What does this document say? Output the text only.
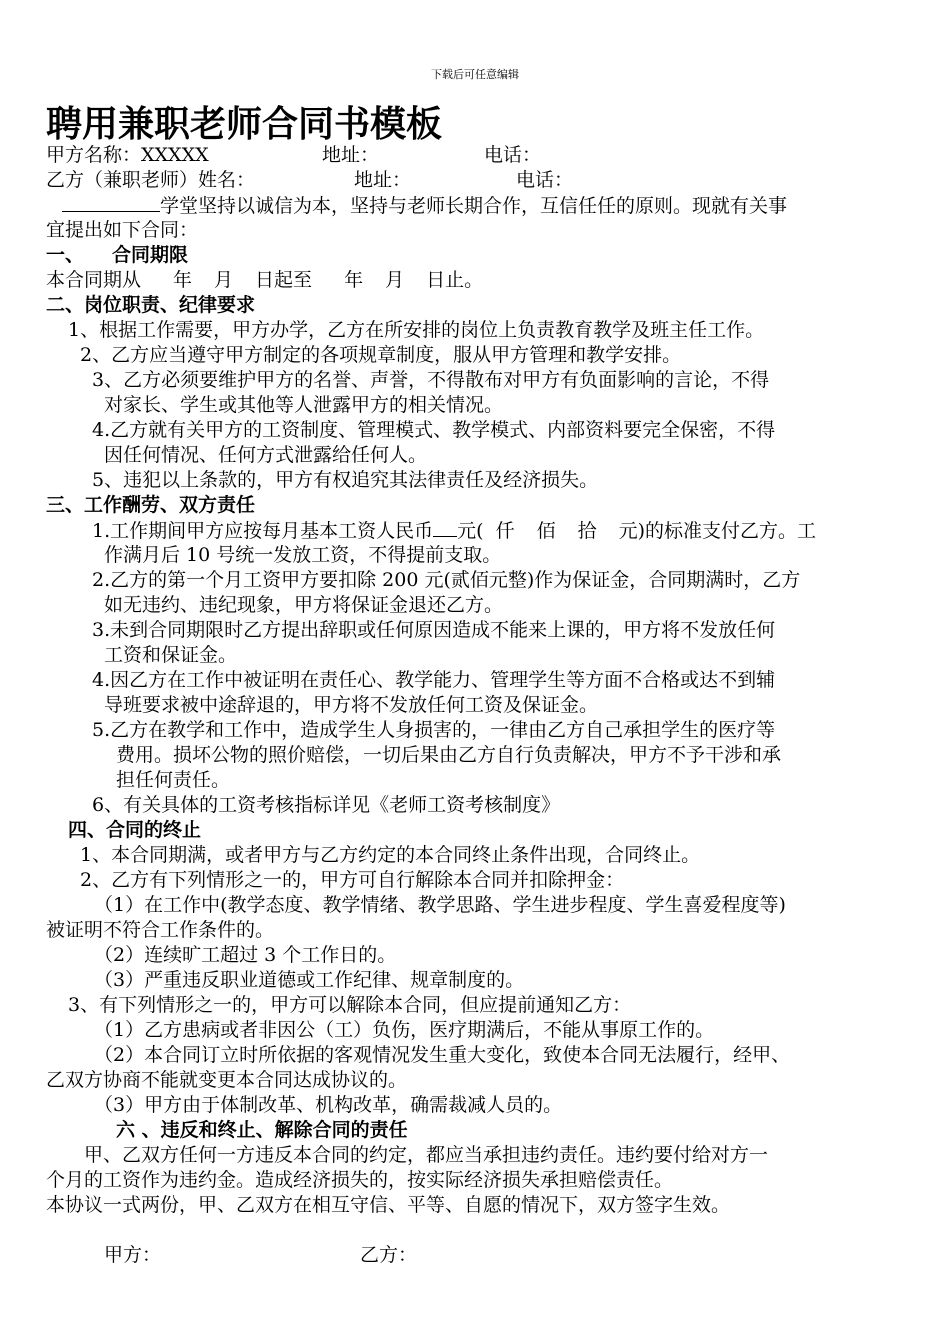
下载后可任意编辑
聘用兼职老师合同书模板
甲方名称：XXXXX	地址：	电话：
乙方（兼职老师）姓名：	地址：	电话：
学堂坚持以诚信为本，坚持与老师长期合作，互信任任的原则。现就有关事
宜提出如下合同：
一、 合同期限
本合同期从 年 月 日起至 年 月 日止。
二、岗位职责、纪律要求
1、根据工作需要，甲方办学，乙方在所安排的岗位上负责教育教学及班主任工作。
2、乙方应当遵守甲方制定的各项规章制度，服从甲方管理和教学安排。
3、乙方必须要维护甲方的名誉、声誉，不得散布对甲方有负面影响的言论，不得
对家长、学生或其他等人泄露甲方的相关情况。
4.乙方就有关甲方的工资制度、管理模式、教学模式、内部资料要完全保密，不得
因任何情况、任何方式泄露给任何人。
5、违犯以上条款的，甲方有权追究其法律责任及经济损失。
三、工作酬劳、双方责任
1.工作期间甲方应按每月基本工资人民币 元( 仟 佰 拾 元)的标准支付乙方。工
作满月后 10 号统一发放工资，不得提前支取。
2.乙方的第一个月工资甲方要扣除 200 元(贰佰元整)作为保证金，合同期满时，乙方
如无违约、违纪现象，甲方将保证金退还乙方。
3.未到合同期限时乙方提出辞职或任何原因造成不能来上课的，甲方将不发放任何
工资和保证金。
4.因乙方在工作中被证明在责任心、教学能力、管理学生等方面不合格或达不到辅
导班要求被中途辞退的，甲方将不发放任何工资及保证金。
5.乙方在教学和工作中，造成学生人身损害的，一律由乙方自己承担学生的医疗等
费用。损坏公物的照价赔偿，一切后果由乙方自行负责解决，甲方不予干涉和承
担任何责任。
6、有关具体的工资考核指标详见《老师工资考核制度》
四、合同的终止
1、本合同期满，或者甲方与乙方约定的本合同终止条件出现，合同终止。
2、乙方有下列情形之一的，甲方可自行解除本合同并扣除押金：
（1）在工作中(教学态度、教学情绪、教学思路、学生进步程度、学生喜爱程度等)
被证明不符合工作条件的。
（2）连续旷工超过 3 个工作日的。
（3）严重违反职业道德或工作纪律、规章制度的。
3、有下列情形之一的，甲方可以解除本合同，但应提前通知乙方：
（1）乙方患病或者非因公（工）负伤，医疗期满后，不能从事原工作的。
（2）本合同订立时所依据的客观情况发生重大变化，致使本合同无法履行，经甲、
乙双方协商不能就变更本合同达成协议的。
（3）甲方由于体制改革、机构改革，确需裁减人员的。
六 、违反和终止、解除合同的责任
甲、乙双方任何一方违反本合同的约定，都应当承担违约责任。违约要付给对方一
个月的工资作为违约金。造成经济损失的，按实际经济损失承担赔偿责任。
本协议一式两份，甲、乙双方在相互守信、平等、自愿的情况下，双方签字生效。
甲方：	乙方：
